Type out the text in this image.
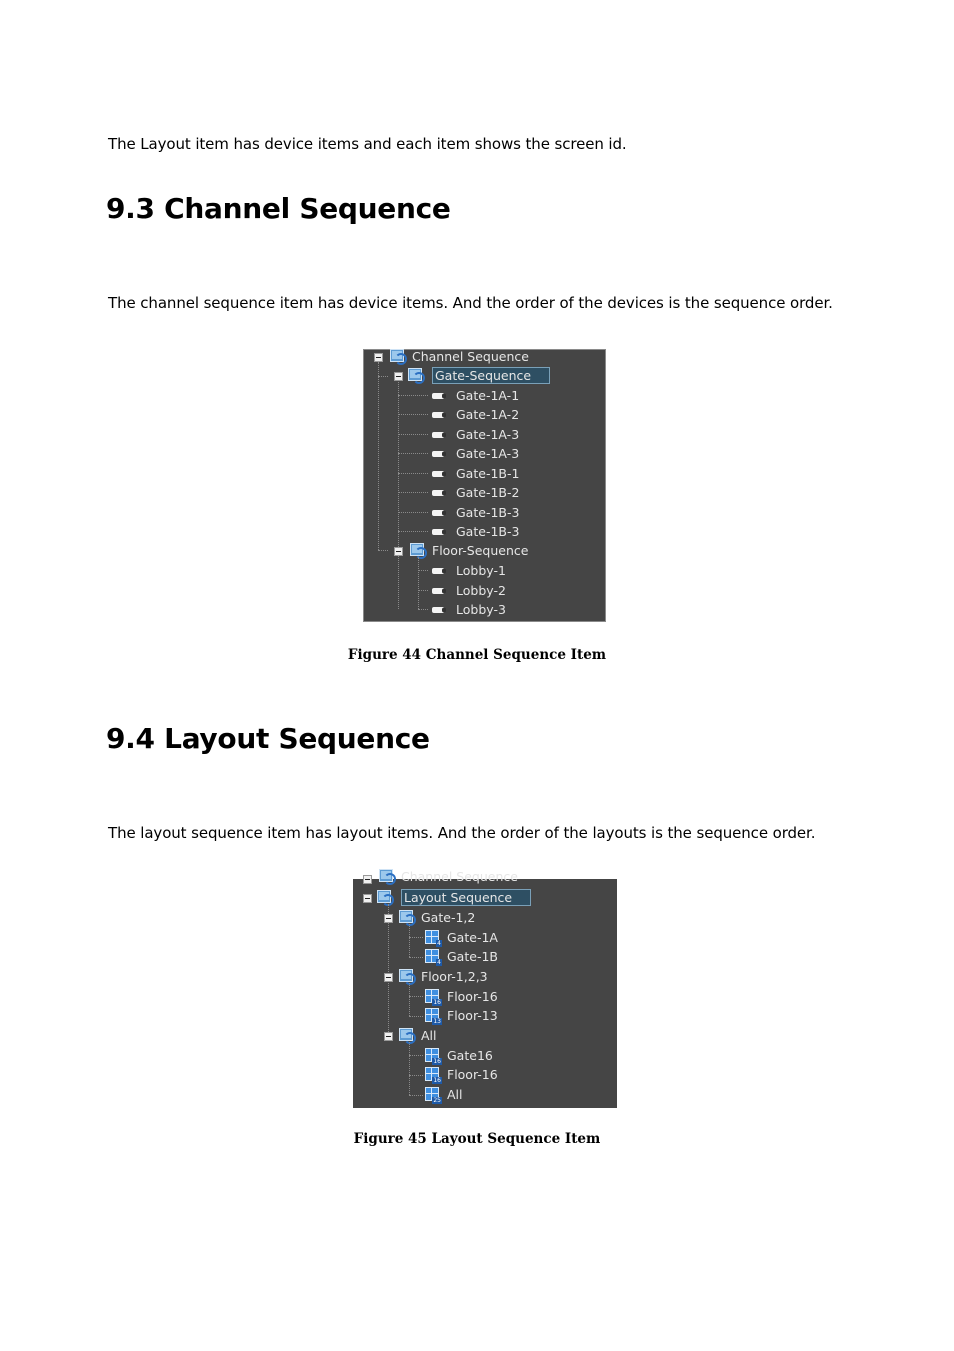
The Layout item has device items and each item shows the screen id.

9.3 Channel Sequence

The channel sequence item has device items. And the order of the devices is the sequence order.

Channel Sequence
Gate-Sequence
Gate-1A-1
Gate-1A-2
Gate-1A-3
Gate-1A-3
Gate-1B-1
Gate-1B-2
Gate-1B-3
Gate-1B-3
Floor-Sequence
Lobby-1
Lobby-2
Lobby-3
Figure 44 Channel Sequence Item
9.4 Layout Sequence

The layout sequence item has layout items. And the order of the layouts is the sequence order.

Channel Sequence
Layout Sequence
Gate-1,2
4 Gate-1A
4 Gate-1B
Floor-1,2,3
16 Floor-16
13 Floor-13
All
16 Gate16
16 Floor-16
25 All
Figure 45 Layout Sequence Item
